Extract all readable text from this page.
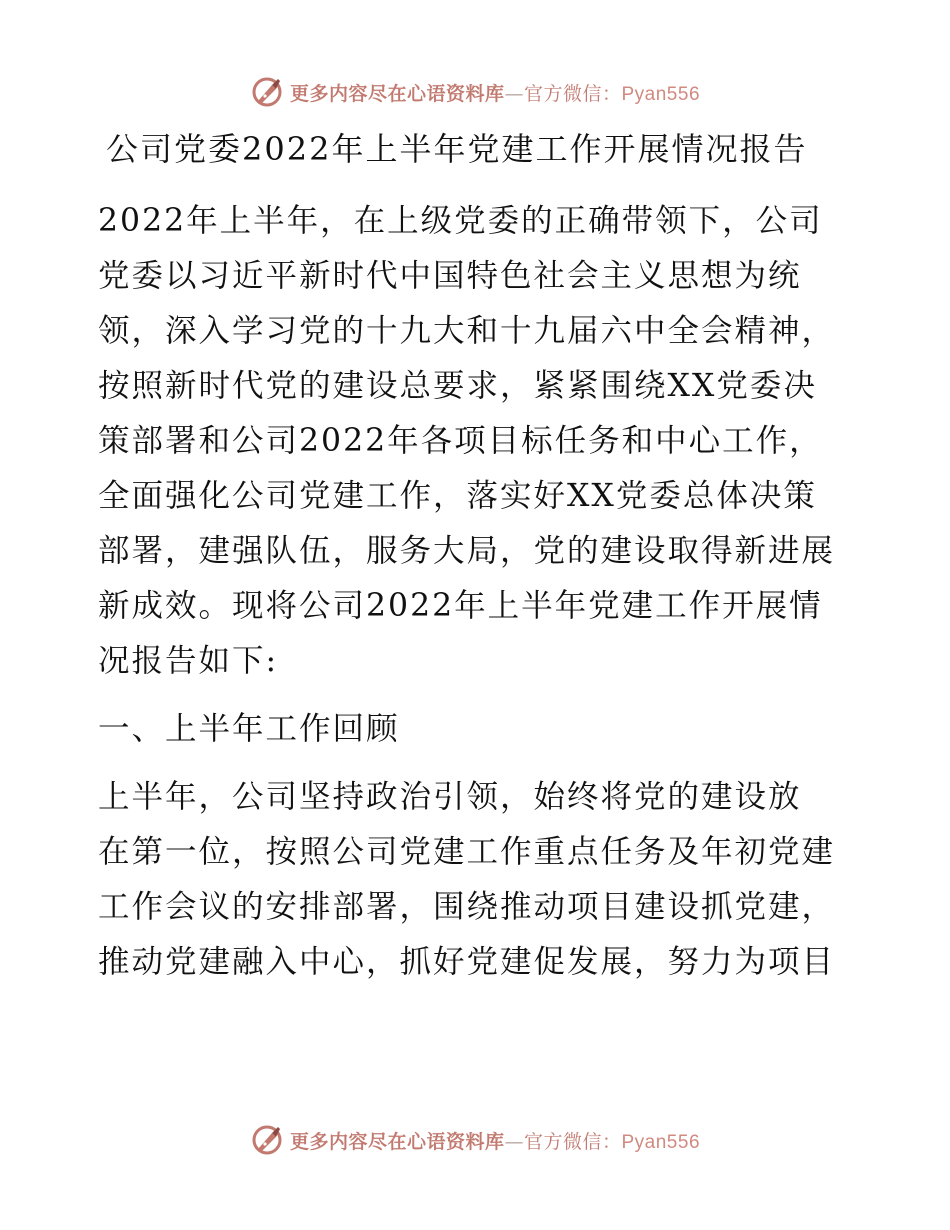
更多内容尽在心语资料库—官方微信：Pyan556
公司党委2022年上半年党建工作开展情况报告

2022年上半年，在上级党委的正确带领下，公司
党委以习近平新时代中国特色社会主义思想为统
领，深入学习党的十九大和十九届六中全会精神，
按照新时代党的建设总要求，紧紧围绕XX党委决
策部署和公司2022年各项目标任务和中心工作，
全面强化公司党建工作，落实好XX党委总体决策
部署，建强队伍，服务大局，党的建设取得新进展
新成效。现将公司2022年上半年党建工作开展情
况报告如下:

一、上半年工作回顾

上半年，公司坚持政治引领，始终将党的建设放
在第一位，按照公司党建工作重点任务及年初党建
工作会议的安排部署，围绕推动项目建设抓党建，
推动党建融入中心，抓好党建促发展，努力为项目

更多内容尽在心语资料库—官方微信：Pyan556
